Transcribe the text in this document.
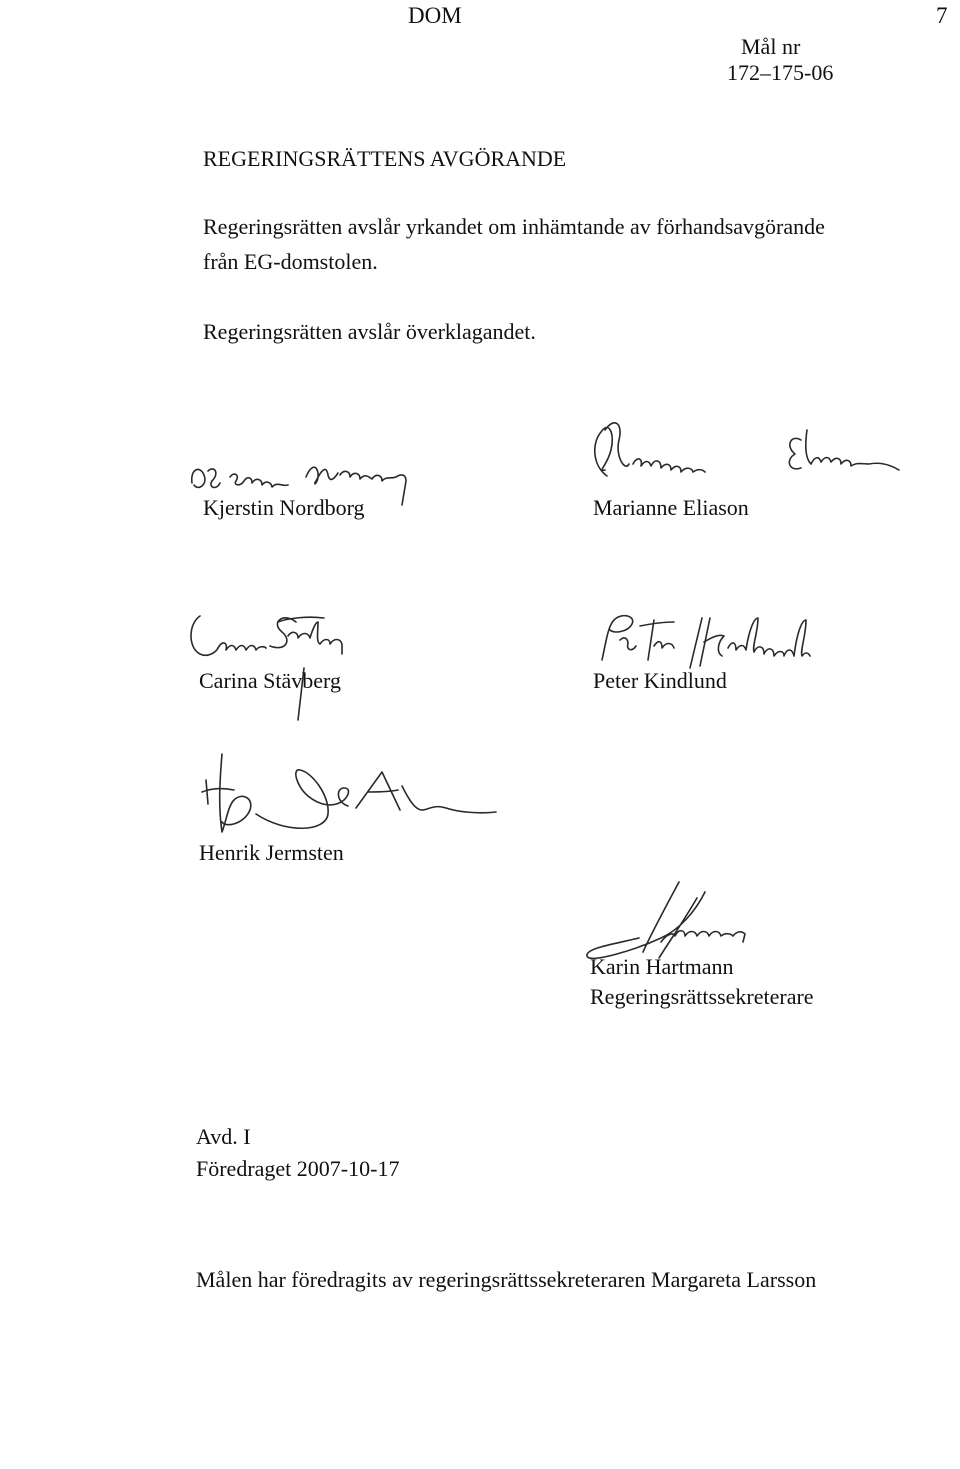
DOM	7
Mål nr
172–175-06
REGERINGSRÄTTENS AVGÖRANDE
Regeringsrätten avslår yrkandet om inhämtande av förhandsavgörande
från EG-domstolen.
Regeringsrätten avslår överklagandet.
Kjerstin Nordborg	Marianne Eliason
Carina Stävberg	Peter Kindlund
Henrik Jermsten
Karin Hartmann
Regeringsrättssekreterare
Avd. I
Föredraget 2007-10-17
Målen har föredragits av regeringsrättssekreteraren Margareta Larsson
